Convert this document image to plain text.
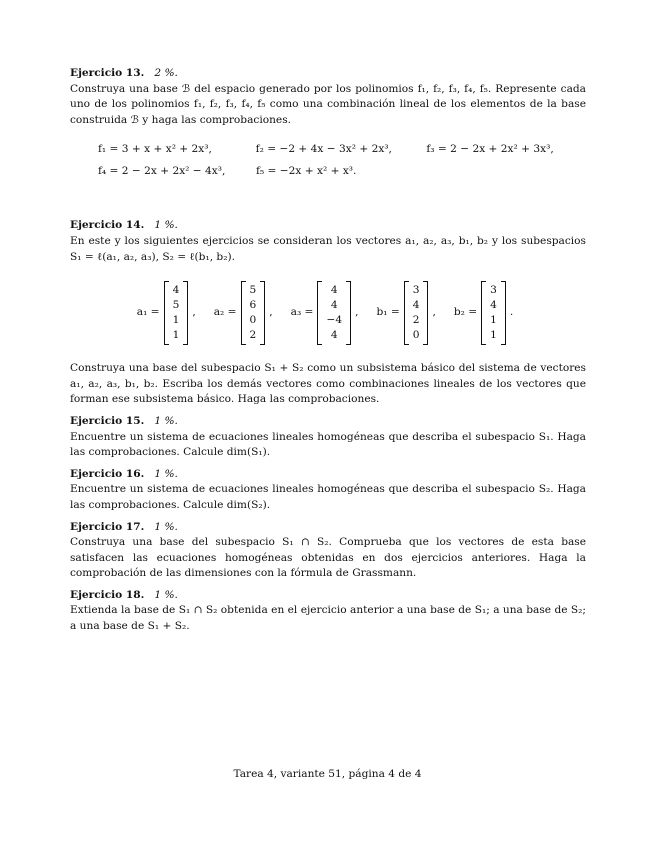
Ejercicio 13. 2 %.

Construya una base ℬ del espacio generado por los polinomios f₁, f₂, f₃, f₄, f₅. Represente cada uno de los polinomios f₁, f₂, f₃, f₄, f₅ como una combinación lineal de los elementos de la base construida ℬ y haga las comprobaciones.

f₁ = 3 + x + x² + 2x³,	f₂ = −2 + 4x − 3x² + 2x³,	f₃ = 2 − 2x + 2x² + 3x³,
f₄ = 2 − 2x + 2x² − 4x³,	f₅ = −2x + x² + x³.
Ejercicio 14. 1 %.

En este y los siguientes ejercicios se consideran los vectores a₁, a₂, a₃, b₁, b₂ y los subespacios S₁ = ℓ(a₁, a₂, a₃), S₂ = ℓ(b₁, b₂).

a₁ =
4
5
1
1
, a₂ =
5
6
0
2
, a₃ =
4
4
−4
4
, b₁ =
3
4
2
0
, b₂ =
3
4
1
1
.

Construya una base del subespacio S₁ + S₂ como un subsistema básico del sistema de vectores a₁, a₂, a₃, b₁, b₂. Escriba los demás vectores como combinaciones lineales de los vectores que forman ese subsistema básico. Haga las comprobaciones.

Ejercicio 15. 1 %.

Encuentre un sistema de ecuaciones lineales homogéneas que describa el subespacio S₁. Haga las comprobaciones. Calcule dim(S₁).

Ejercicio 16. 1 %.

Encuentre un sistema de ecuaciones lineales homogéneas que describa el subespacio S₂. Haga las comprobaciones. Calcule dim(S₂).

Ejercicio 17. 1 %.

Construya una base del subespacio S₁ ∩ S₂. Comprueba que los vectores de esta base satisfacen las ecuaciones homogéneas obtenidas en dos ejercicios anteriores. Haga la comprobación de las dimensiones con la fórmula de Grassmann.

Ejercicio 18. 1 %.

Extienda la base de S₁ ∩ S₂ obtenida en el ejercicio anterior a una base de S₁; a una base de S₂; a una base de S₁ + S₂.

Tarea 4, variante 51, página 4 de 4
